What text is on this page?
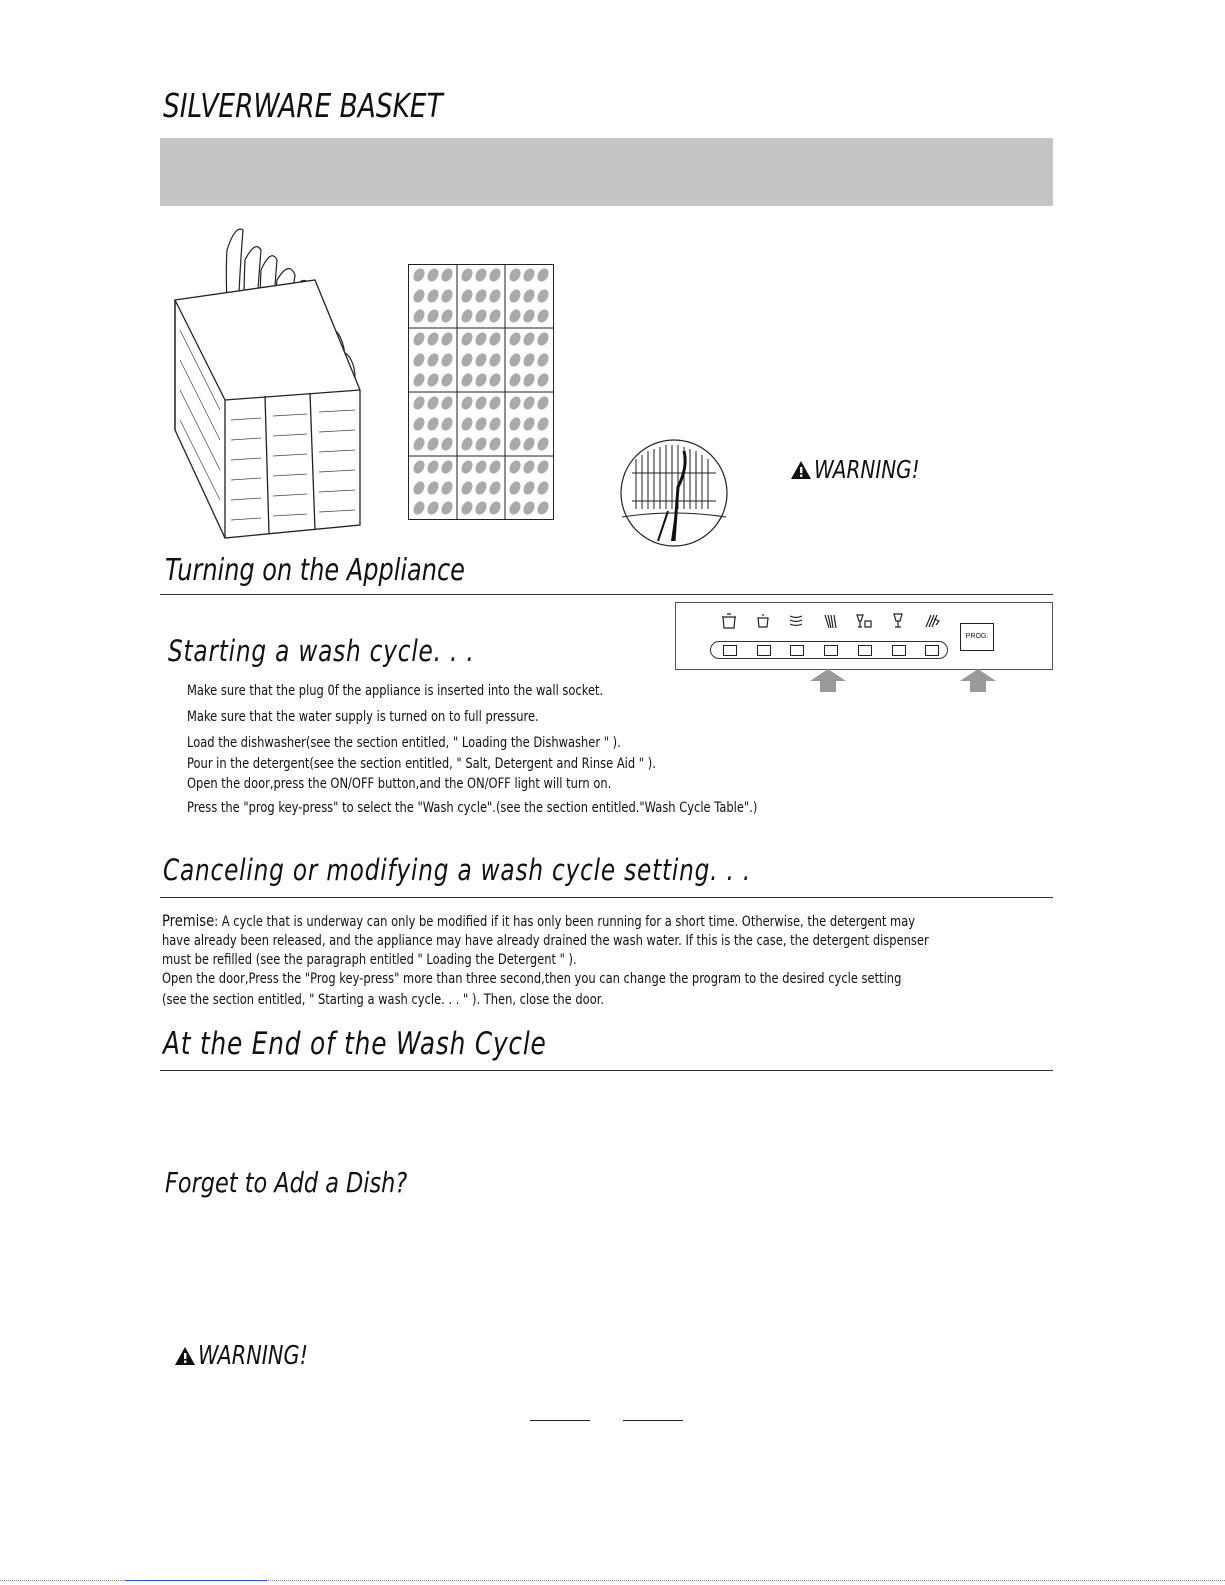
SILVERWARE BASKET
WARNING!
Turning on the Appliance
PROG.
Starting a wash cycle. . .
Make sure that the plug 0f the appliance is inserted into the wall socket.
Make sure that the water supply is turned on to full pressure.
Load the dishwasher(see the section entitled, " Loading the Dishwasher " ).
Pour in the detergent(see the section entitled, " Salt, Detergent and Rinse Aid " ).
Open the door,press the ON/OFF button,and the ON/OFF light will turn on.
Press the "prog key-press" to select the "Wash cycle".(see the section entitled."Wash Cycle Table".)
Canceling or modifying a wash cycle setting. . .
Premise: A cycle that is underway can only be modified if it has only been running for a short time. Otherwise, the detergent may
have already been released, and the appliance may have already drained the wash water. If this is the case, the detergent dispenser
must be refilled (see the paragraph entitled " Loading the Detergent " ).
Open the door,Press the "Prog key-press" more than three second,then you can change the program to the desired cycle setting
(see the section entitled, " Starting a wash cycle. . . " ). Then, close the door.
At the End of the Wash Cycle
Forget to Add a Dish?
WARNING!
